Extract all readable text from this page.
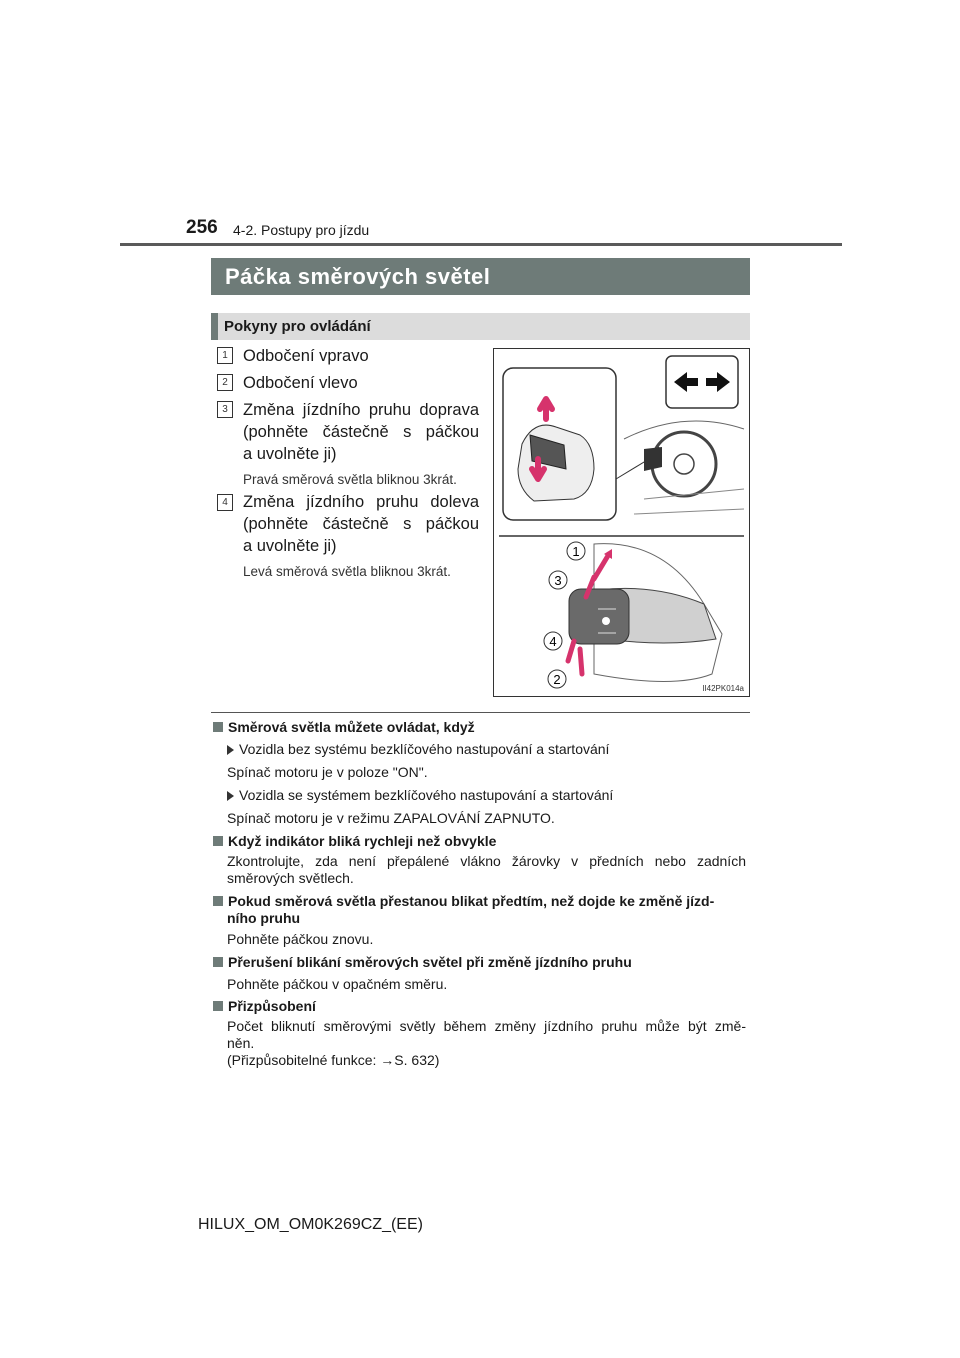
256 4-2. Postupy pro jízdu
Páčka směrových světel
Pokyny pro ovládání
1 Odbočení vpravo
2 Odbočení vlevo
3 Změna jízdního pruhu doprava
(pohněte částečně s páčkou
a uvolněte ji)
Pravá směrová světla bliknou 3krát.
4 Změna jízdního pruhu doleva
(pohněte částečně s páčkou
a uvolněte ji)
Levá směrová světla bliknou 3krát.
1
3
4
2
II42PK014a
Směrová světla můžete ovládat, když
Vozidla bez systému bezklíčového nastupování a startování
Spínač motoru je v poloze "ON".
Vozidla se systémem bezklíčového nastupování a startování
Spínač motoru je v režimu ZAPALOVÁNÍ ZAPNUTO.
Když indikátor bliká rychleji než obvykle
Zkontrolujte, zda není přepálené vlákno žárovky v předních nebo zadních
směrových světlech.
Pokud směrová světla přestanou blikat předtím, než dojde ke změně jízd-
ního pruhu
Pohněte páčkou znovu.
Přerušení blikání směrových světel při změně jízdního pruhu
Pohněte páčkou v opačném směru.
Přizpůsobení
Počet bliknutí směrovými světly během změny jízdního pruhu může být změ-
něn.
(Přizpůsobitelné funkce: →S. 632)
HILUX_OM_OM0K269CZ_(EE)
